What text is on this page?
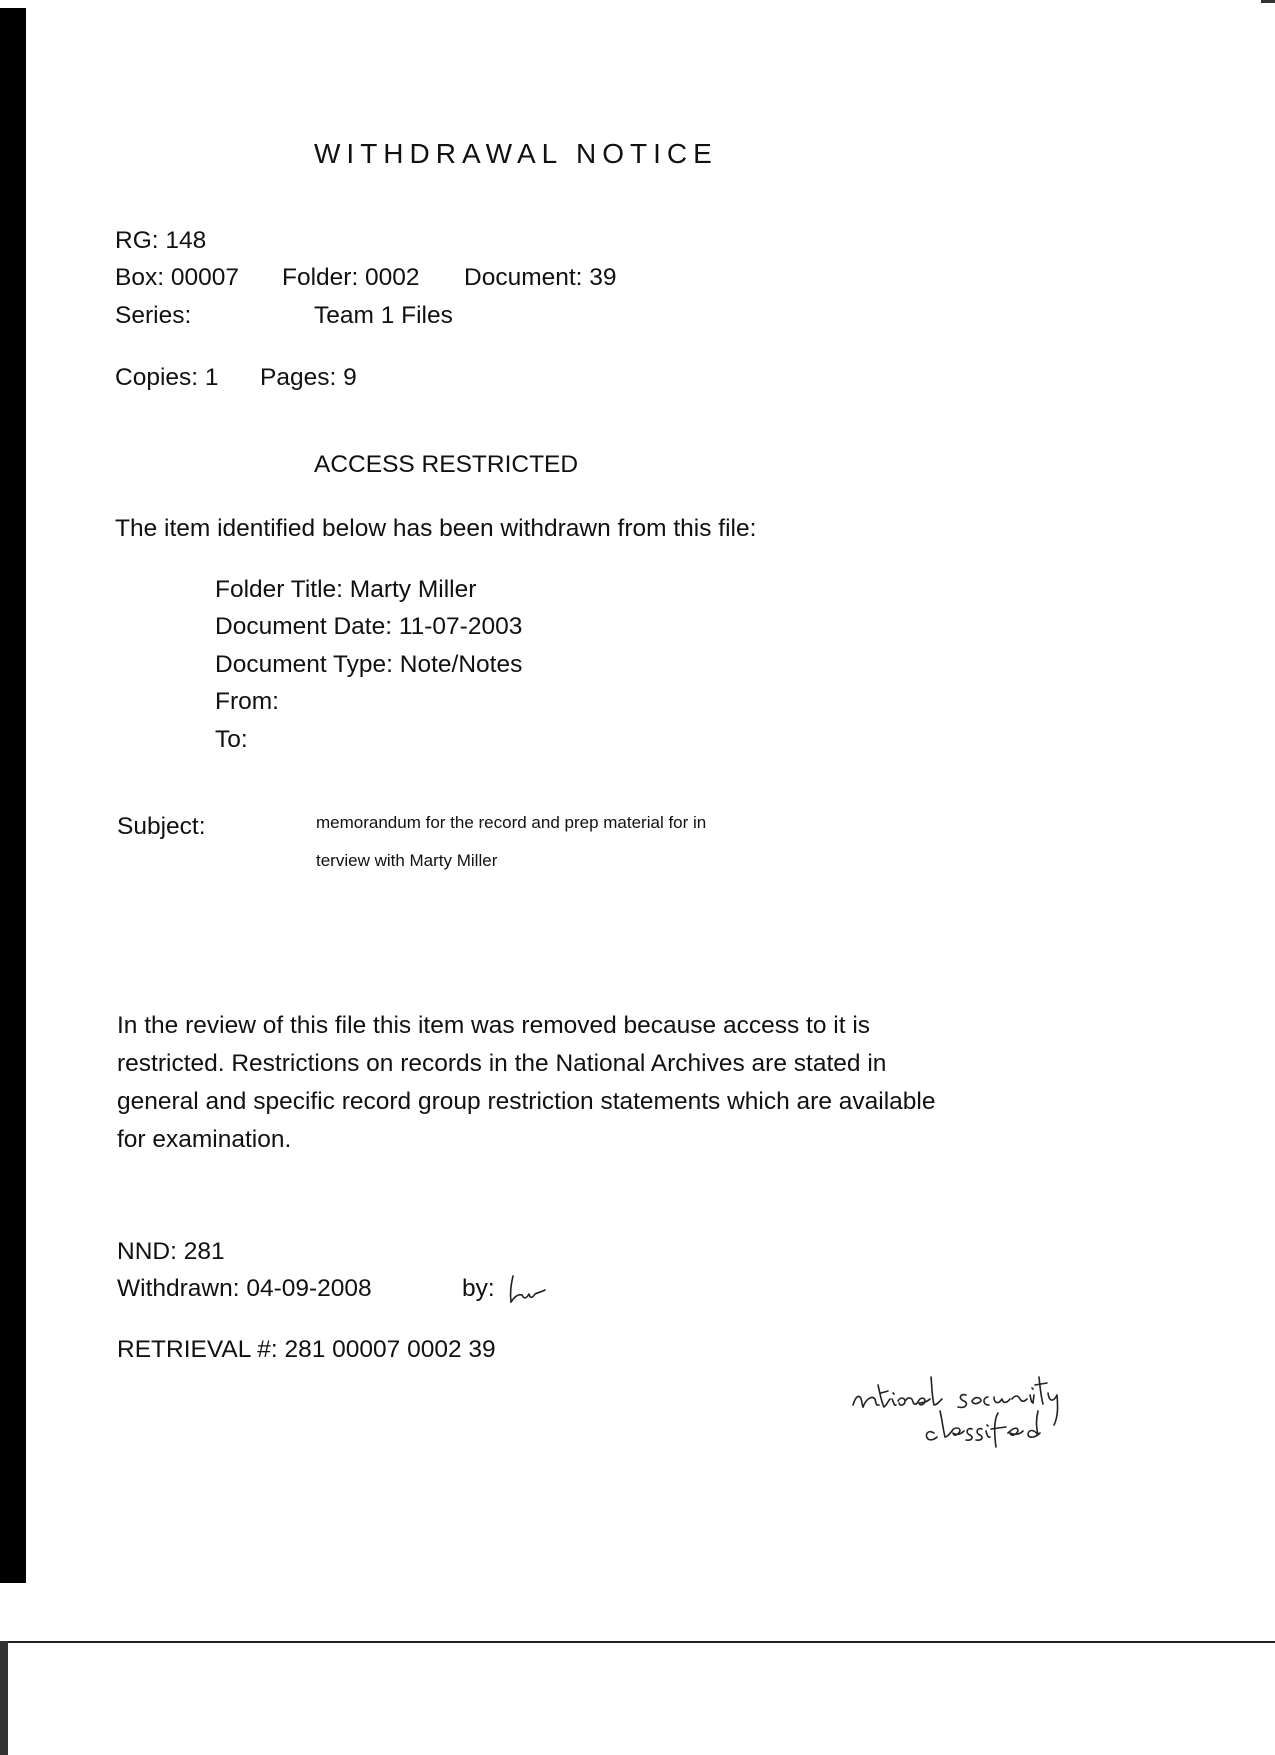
WITHDRAWAL NOTICE
RG: 148
Box: 00007 Folder: 0002 Document: 39
Series:	Team 1 Files
Copies: 1 Pages: 9
ACCESS RESTRICTED
The item identified below has been withdrawn from this file:
Folder Title: Marty Miller
Document Date: 11-07-2003
Document Type: Note/Notes
From:
To:
Subject:	memorandum for the record and prep material for in
terview with Marty Miller
In the review of this file this item was removed because access to it is
restricted. Restrictions on records in the National Archives are stated in
general and specific record group restriction statements which are available
for examination.
NND: 281
Withdrawn: 04-09-2008	by:
RETRIEVAL #: 281 00007 0002 39
